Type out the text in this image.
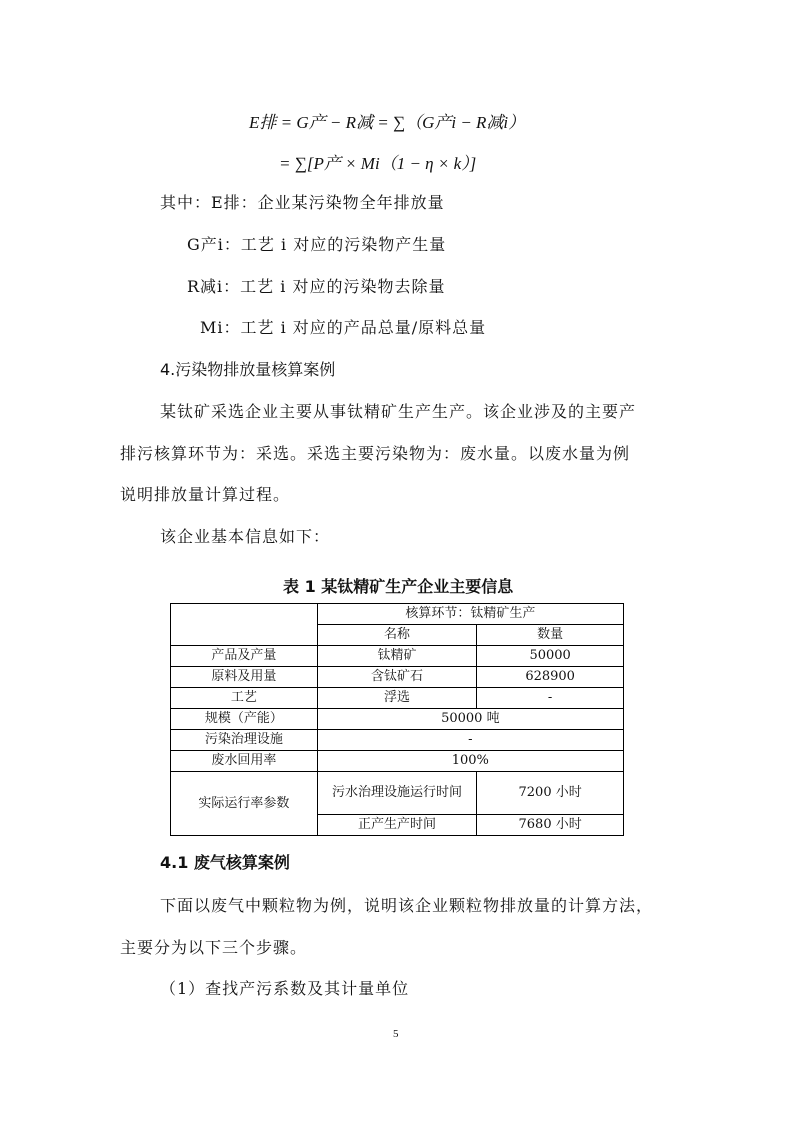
E排 = G产 − R减 = ∑（G产i − R减i）
= ∑[P产 × Mi（1 − η × k）]
其中：E排：企业某污染物全年排放量
G产i：工艺 i 对应的污染物产生量
R减i：工艺 i 对应的污染物去除量
Mi：工艺 i 对应的产品总量/原料总量
4.污染物排放量核算案例
某钛矿采选企业主要从事钛精矿生产生产。该企业涉及的主要产
排污核算环节为：采选。采选主要污染物为：废水量。以废水量为例
说明排放量计算过程。
该企业基本信息如下：
表 1 某钛精矿生产企业主要信息
	核算环节：钛精矿生产	
	名称	数量
产品及产量	钛精矿	50000
原料及用量	含钛矿石	628900
工艺	浮选	-
规模（产能）	50000 吨	
污染治理设施	-	
废水回用率	100%	
实际运行率参数	污水治理设施运行时间	7200 小时
	正产生产时间	7680 小时
4.1 废气核算案例
下面以废气中颗粒物为例，说明该企业颗粒物排放量的计算方法，
主要分为以下三个步骤。
（1）查找产污系数及其计量单位
5
